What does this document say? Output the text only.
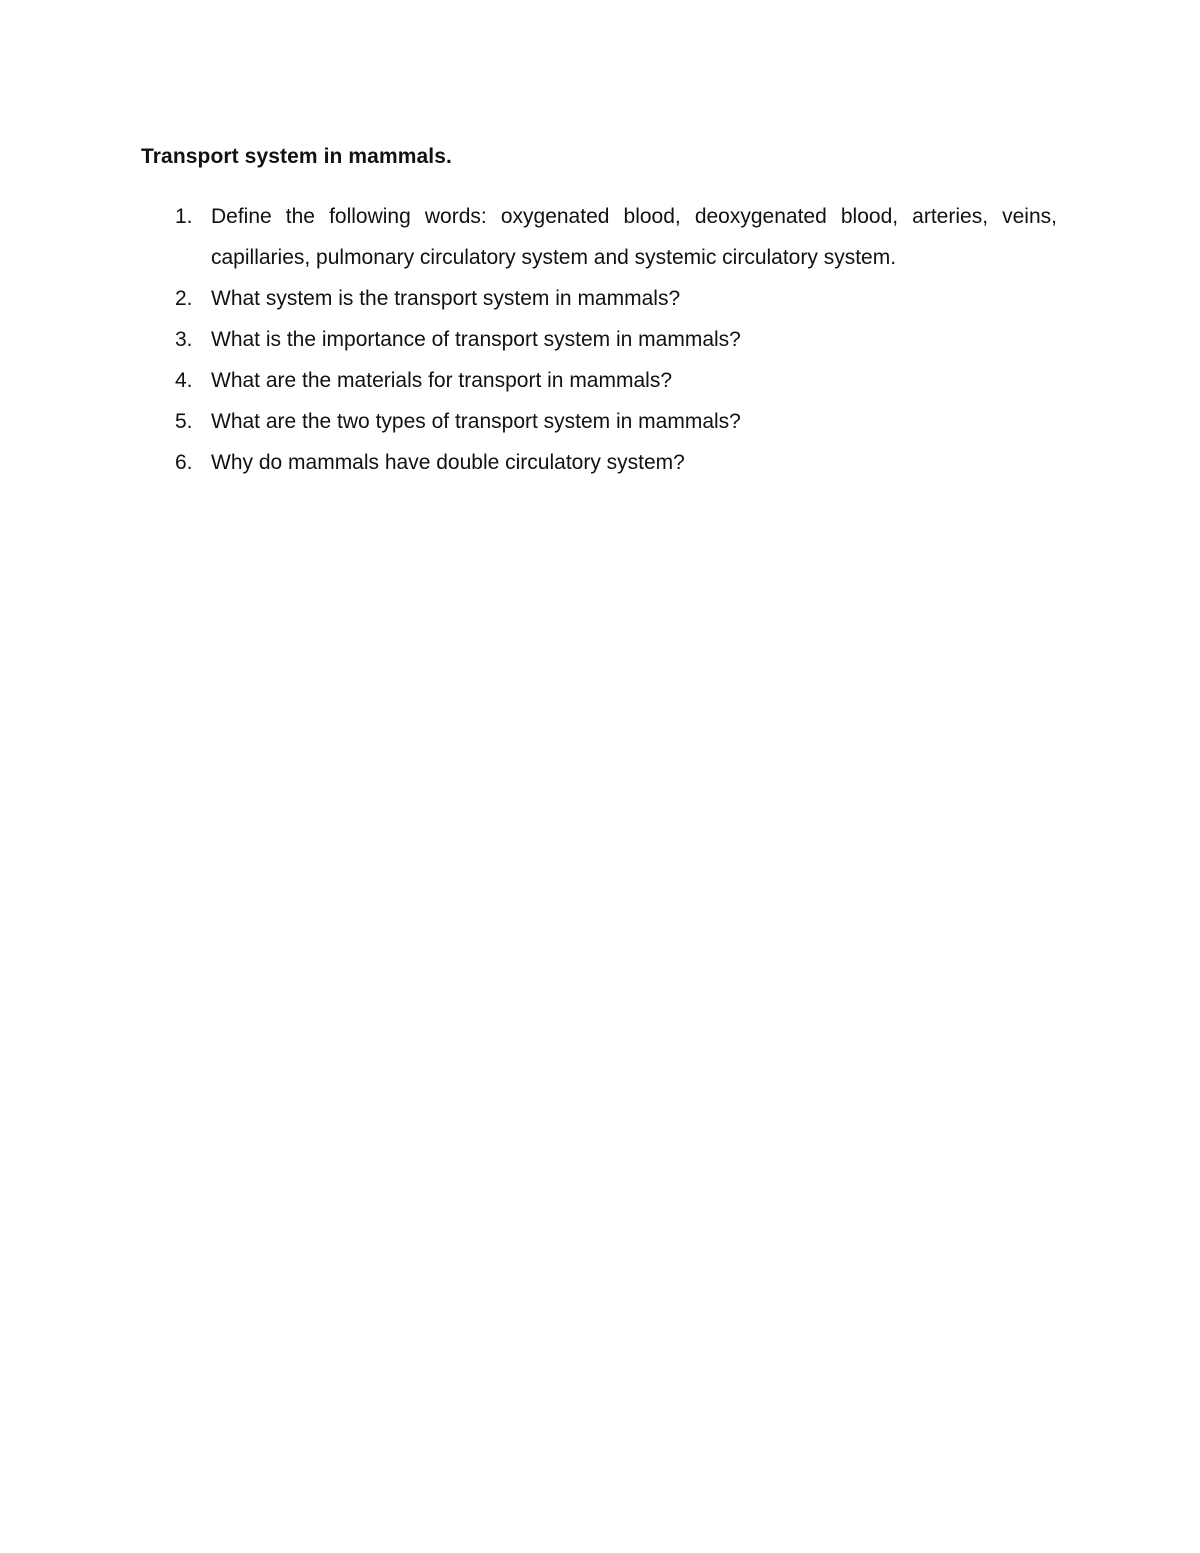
Transport system in mammals.
1. Define the following words: oxygenated blood, deoxygenated blood, arteries, veins, capillaries, pulmonary circulatory system and systemic circulatory system.
2. What system is the transport system in mammals?
3. What is the importance of transport system in mammals?
4. What are the materials for transport in mammals?
5. What are the two types of transport system in mammals?
6. Why do mammals have double circulatory system?
